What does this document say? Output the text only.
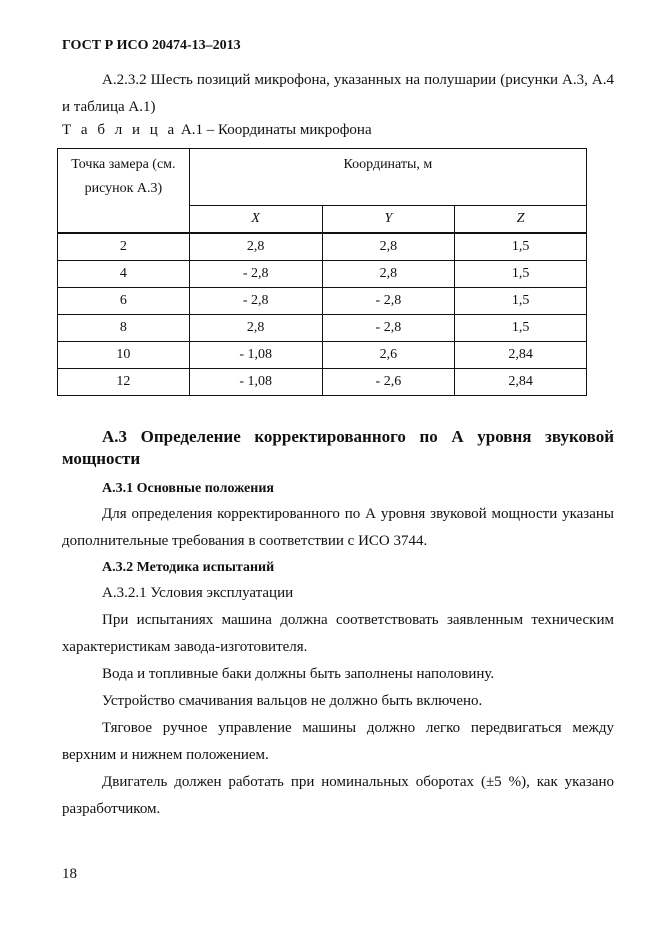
ГОСТ Р ИСО 20474-13–2013
А.2.3.2 Шесть позиций микрофона, указанных на полушарии (рисунки А.3, А.4 и таблица А.1)
Т а б л и ц а А.1 – Координаты микрофона
Точка замера (см. рисунок А.3)	Координаты, м		
	X	Y	Z
2	2,8	2,8	1,5
4	- 2,8	2,8	1,5
6	- 2,8	- 2,8	1,5
8	2,8	- 2,8	1,5
10	- 1,08	2,6	2,84
12	- 1,08	- 2,6	2,84
А.3 Определение корректированного по А уровня звуковой мощности
А.3.1 Основные положения
Для определения корректированного по А уровня звуковой мощности указаны дополнительные требования в соответствии с ИСО 3744.
А.3.2 Методика испытаний
А.3.2.1 Условия эксплуатации
При испытаниях машина должна соответствовать заявленным техническим характеристикам завода-изготовителя.
Вода и топливные баки должны быть заполнены наполовину.
Устройство смачивания вальцов не должно быть включено.
Тяговое ручное управление машины должно легко передвигаться между верхним и нижнем положением.
Двигатель должен работать при номинальных оборотах (±5 %), как указано разработчиком.
18
